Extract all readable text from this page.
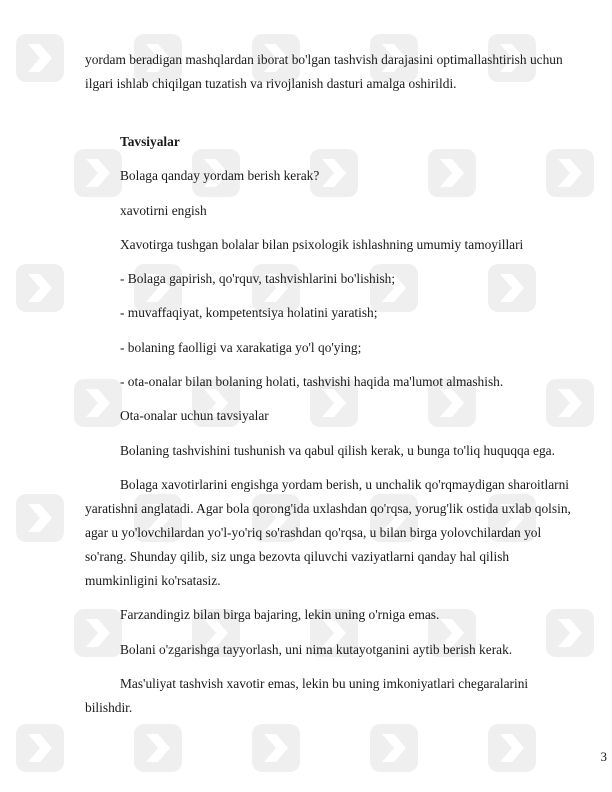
yordam beradigan mashqlardan iborat bo'lgan tashvish darajasini optimallashtirish uchun ilgari ishlab chiqilgan tuzatish va rivojlanish dasturi amalga oshirildi.

Tavsiyalar

Bolaga qanday yordam berish kerak?

xavotirni engish

Xavotirga tushgan bolalar bilan psixologik ishlashning umumiy tamoyillari

- Bolaga gapirish, qo'rquv, tashvishlarini bo'lishish;

- muvaffaqiyat, kompetentsiya holatini yaratish;

- bolaning faolligi va xarakatiga yo'l qo'ying;

- ota-onalar bilan bolaning holati, tashvishi haqida ma'lumot almashish.

Ota-onalar uchun tavsiyalar

Bolaning tashvishini tushunish va qabul qilish kerak, u bunga to'liq huquqqa ega.

Bolaga xavotirlarini engishga yordam berish, u unchalik qo'rqmaydigan sharoitlarni yaratishni anglatadi. Agar bola qorong'ida uxlashdan qo'rqsa, yorug'lik ostida uxlab qolsin, agar u yo'lovchilardan yo'l-yo'riq so'rashdan qo'rqsa, u bilan birga yolovchilardan yol so'rang. Shunday qilib, siz unga bezovta qiluvchi vaziyatlarni qanday hal qilish mumkinligini ko'rsatasiz.

Farzandingiz bilan birga bajaring, lekin uning o'rniga emas.

Bolani o'zgarishga tayyorlash, uni nima kutayotganini aytib berish kerak.

Mas'uliyat tashvish xavotir emas, lekin bu uning imkoniyatlari chegaralarini bilishdir.

3
